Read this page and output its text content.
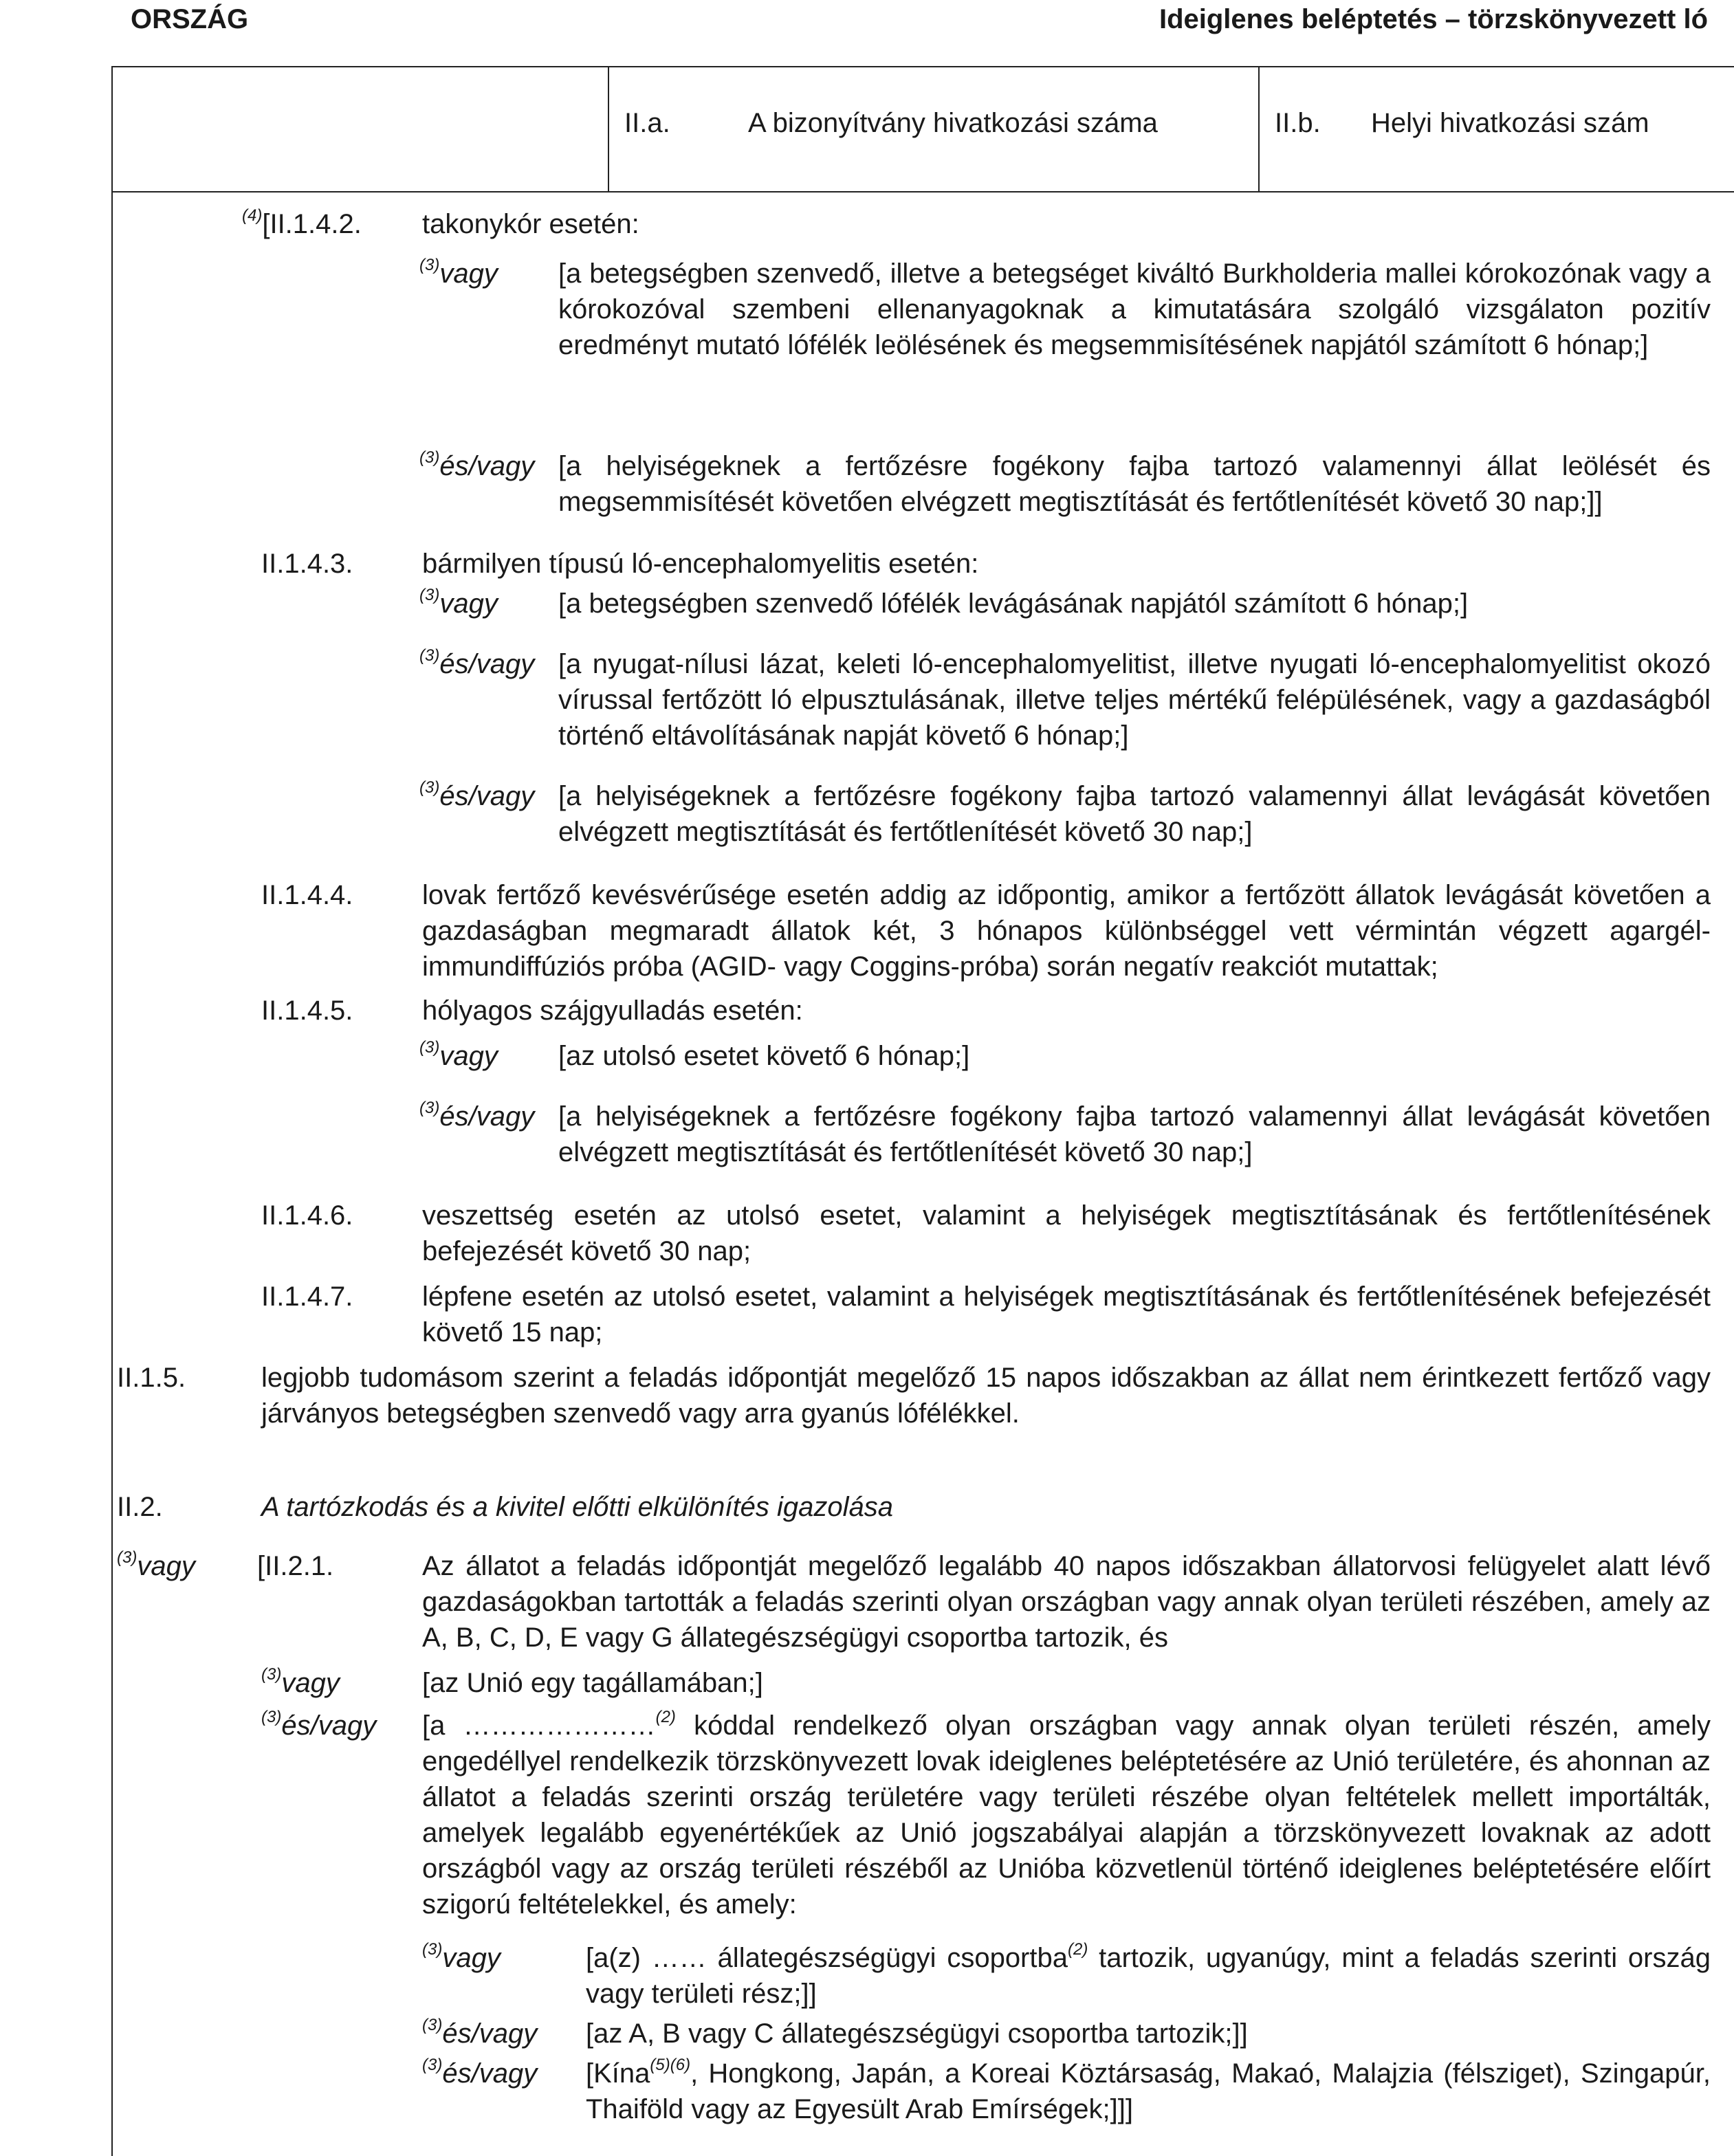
ORSZÁG	Ideiglenes beléptetés – törzskönyvezett ló
II.a.	A bizonyítvány hivatkozási száma	II.b. Helyi hivatkozási szám
$^{(4)}$[II.1.4.2. takonykór esetén:
$^{(3)}$vagy [a betegségben szenvedő, illetve a betegséget kiváltó Burkholderia mallei kórokozónak vagy a kórokozóval szembeni ellenanyagoknak a kimutatására szolgáló vizsgálaton pozitív eredményt mutató lófélék leölésének és megsemmisítésének napjától számított 6 hónap;]
$^{(3)}$és/vagy [a helyiségeknek a fertőzésre fogékony fajba tartozó valamennyi állat leölését és megsemmisítését követően elvégzett megtisztítását és fertőtlenítését követő 30 nap;]]
II.1.4.3.	bármilyen típusú ló-encephalomyelitis esetén:
$^{(3)}$vagy [a betegségben szenvedő lófélék levágásának napjától számított 6 hónap;]
$^{(3)}$és/vagy [a nyugat-nílusi lázat, keleti ló-encephalomyelitist, illetve nyugati ló-encephalomyelitist okozó vírussal fertőzött ló elpusztulásának, illetve teljes mértékű felépülésének, vagy a gazdaságból történő eltávolításának napját követő 6 hónap;]
$^{(3)}$és/vagy [a helyiségeknek a fertőzésre fogékony fajba tartozó valamennyi állat levágását követően elvégzett megtisztítását és fertőtlenítését követő 30 nap;]
II.1.4.4.	lovak fertőző kevésvérűsége esetén addig az időpontig, amikor a fertőzött állatok levágását követően a gazdaságban megmaradt állatok két, 3 hónapos különbséggel vett vérmintán végzett agargél-immundiffúziós próba (AGID- vagy Coggins-próba) során negatív reakciót mutattak;
II.1.4.5.	hólyagos szájgyulladás esetén:
$^{(3)}$vagy [az utolsó esetet követő 6 hónap;]
$^{(3)}$és/vagy [a helyiségeknek a fertőzésre fogékony fajba tartozó valamennyi állat levágását követően elvégzett megtisztítását és fertőtlenítését követő 30 nap;]
II.1.4.6.	veszettség esetén az utolsó esetet, valamint a helyiségek megtisztításának és fertőtlenítésének befejezését követő 30 nap;
II.1.4.7.	lépfene esetén az utolsó esetet, valamint a helyiségek megtisztításának és fertőtlenítésének befejezését követő 15 nap;
II.1.5.	legjobb tudomásom szerint a feladás időpontját megelőző 15 napos időszakban az állat nem érintkezett fertőző vagy járványos betegségben szenvedő vagy arra gyanús lófélékkel.
II.2.	A tartózkodás és a kivitel előtti elkülönítés igazolása
$^{(3)}$vagy [II.2.1.	Az állatot a feladás időpontját megelőző legalább 40 napos időszakban állatorvosi felügyelet alatt lévő gazdaságokban tartották a feladás szerinti olyan országban vagy annak olyan területi részében, amely az A, B, C, D, E vagy G állategészségügyi csoportba tartozik, és
$^{(3)}$vagy	[az Unió egy tagállamában;]
$^{(3)}$és/vagy [a …………………$^{(2)}$ kóddal rendelkező olyan országban vagy annak olyan területi részén, amely engedéllyel rendelkezik törzskönyvezett lovak ideiglenes beléptetésére az Unió területére, és ahonnan az állatot a feladás szerinti ország területére vagy területi részébe olyan feltételek mellett importálták, amelyek legalább egyenértékűek az Unió jogszabályai alapján a törzskönyvezett lovaknak az adott országból vagy az ország területi részéből az Unióba közvetlenül történő ideiglenes beléptetésére előírt szigorú feltételekkel, és amely:
$^{(3)}$vagy	[a(z) …… állategészségügyi csoportba$^{(2)}$ tartozik, ugyanúgy, mint a feladás szerinti ország vagy területi rész;]]
$^{(3)}$és/vagy [az A, B vagy C állategészségügyi csoportba tartozik;]]
$^{(3)}$és/vagy [Kína$^{(5)(6)}$, Hongkong, Japán, a Koreai Köztársaság, Makaó, Malajzia (félsziget), Szingapúr, Thaiföld vagy az Egyesült Arab Emírségek;]]]
